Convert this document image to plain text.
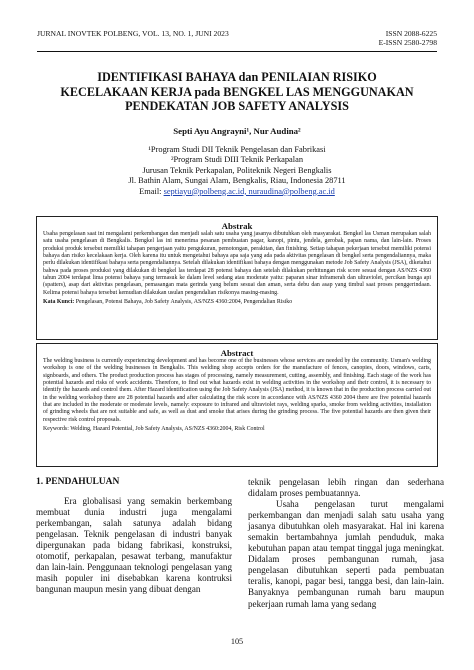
JURNAL INOVTEK POLBENG, VOL. 13, NO. 1, JUNI 2023	ISSN 2088-6225
E-ISSN 2580-2798
IDENTIFIKASI BAHAYA dan PENILAIAN RISIKO
KECELAKAAN KERJA pada BENGKEL LAS MENGGUNAKAN
PENDEKATAN JOB SAFETY ANALYSIS
Septi Ayu Angrayni¹, Nur Audina²
¹Program Studi DII Teknik Pengelasan dan Fabrikasi
²Program Studi DIII Teknik Perkapalan
Jurusan Teknik Perkapalan, Politeknik Negeri Bengkalis
Jl. Bathin Alam, Sungai Alam, Bengkalis, Riau, Indonesia 28711
Email: septiayu@polbeng.ac.id, nuraudina@polbeng.ac.id
Abstrak
Usaha pengelasan saat ini mengalami perkembangan dan menjadi salah satu usaha yang jasanya dibutuhkan oleh masyarakat. Bengkel las Usman merupakan salah satu usaha pengelasan di Bengkalis. Bengkel las ini menerima pesanan pembuatan pagar, kanopi, pintu, jendela, gerobak, papan nama, dan lain-lain. Proses produksi produk tersebut memiliki tahapan pengerjaan yaitu pengukuran, pemotongan, perakitan, dan finishing. Setiap tahapan pekerjaan tersebut memiliki potensi bahaya dan risiko kecelakaan kerja. Oleh karena itu untuk mengetahui bahaya apa saja yang ada pada aktivitas pengelasan di bengkel serta pengendaliannya, maka perlu dilakukan identifikasi bahaya serta pengendaliannya. Setelah dilakukan identifikasi bahaya dengan menggunakan metode Job Safety Analysis (JSA), diketahui bahwa pada proses produksi yang dilakukan di bengkel las terdapat 28 potensi bahaya dan setelah dilakukan perhitungan risk score sesuai dengan AS/NZS 4360 tahun 2004 terdapat lima potensi bahaya yang termasuk ke dalam level sedang atau moderate yaitu: paparan sinar inframerah dan ultraviolet, percikan bunga api (spatters), asap dari aktivitas pengelasan, pemasangan mata gerinda yang belum sesuai dan aman, serta debu dan asap yang timbul saat proses penggerindaan. Kelima potensi bahaya tersebut kemudian dilakukan usulan pengendalian risikonya masing-masing.
Kata Kunci: Pengelasan, Potensi Bahaya, Job Safety Analysis, AS/NZS 4360:2004, Pengendalian Risiko
Abstract
The welding business is currently experiencing development and has become one of the businesses whose services are needed by the community. Usman's welding workshop is one of the welding businesses in Bengkalis. This welding shop accepts orders for the manufacture of fences, canopies, doors, windows, carts, signboards, and others. The product production process has stages of processing, namely measurement, cutting, assembly, and finishing. Each stage of the work has potential hazards and risks of work accidents. Therefore, to find out what hazards exist in welding activities in the workshop and their control, it is necessary to identify the hazards and control them. After Hazard identification using the Job Safety Analysis (JSA) method, it is known that in the production process carried out in the welding workshop there are 28 potential hazards and after calculating the risk score in accordance with AS/NZS 4360 2004 there are five potential hazards that are included in the moderate or moderate levels, namely: exposure to infrared and ultraviolet rays, welding sparks, smoke from welding activities, installation of grinding wheels that are not suitable and safe, as well as dust and smoke that arises during the grinding process. The five potential hazards are then given their respective risk control proposals.
Keywords: Welding, Hazard Potential, Job Safety Analysis, AS/NZS 4360:2004, Risk Control
1. PENDAHULUAN

Era globalisasi yang semakin berkembang membuat dunia industri juga mengalami perkembangan, salah satunya adalah bidang pengelasan. Teknik pengelasan di industri banyak dipergunakan pada bidang fabrikasi, konstruksi, otomotif, perkapalan, pesawat terbang, manufaktur dan lain-lain. Penggunaan teknologi pengelasan yang masih populer ini disebabkan karena kontruksi bangunan maupun mesin yang dibuat dengan

teknik pengelasan lebih ringan dan sederhana didalam proses pembuatannya.

Usaha pengelasan turut mengalami perkembangan dan menjadi salah satu usaha yang jasanya dibutuhkan oleh masyarakat. Hal ini karena semakin bertambahnya jumlah penduduk, maka kebutuhan papan atau tempat tinggal juga meningkat. Didalam proses pembangunan rumah, jasa pengelasan dibutuhkan seperti pada pembuatan teralis, kanopi, pagar besi, tangga besi, dan lain-lain. Banyaknya pembangunan rumah baru maupun pekerjaan rumah lama yang sedang

105
